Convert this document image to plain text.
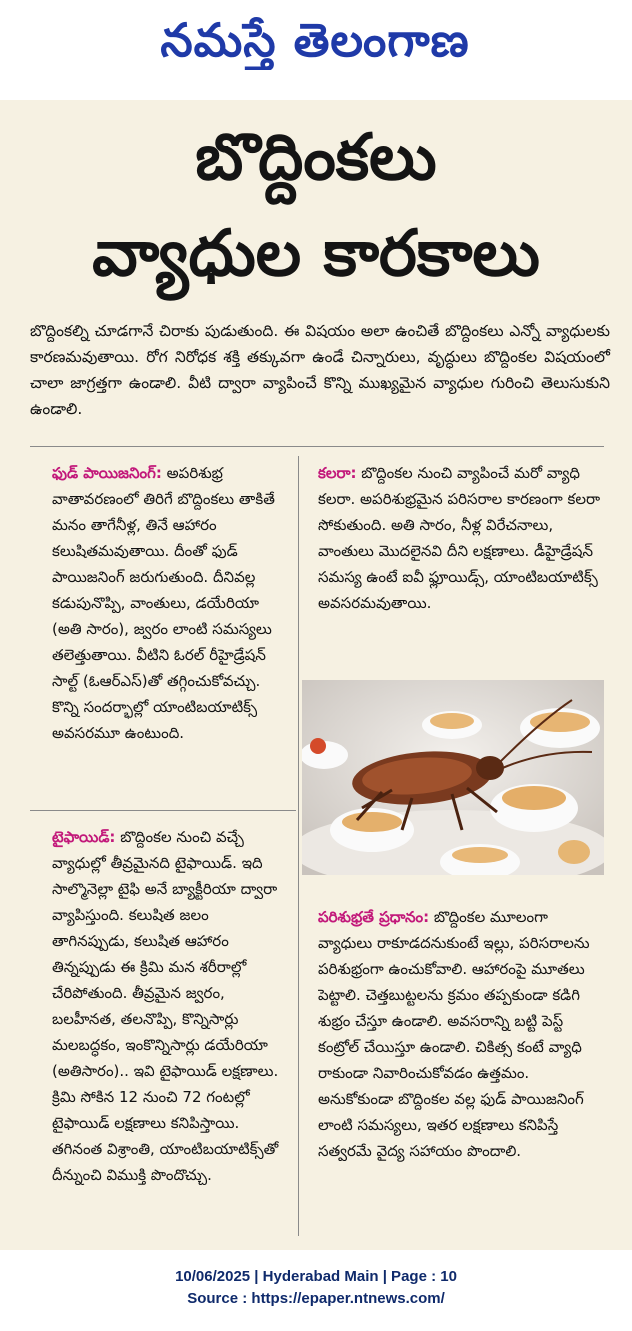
నమస్తే తెలంగాణ
బొద్దింకలు
వ్యాధుల కారకాలు
బొద్దింకల్ని చూడగానే చిరాకు పుడుతుంది. ఈ విషయం అలా ఉంచితే బొద్దింకలు ఎన్నో వ్యాధులకు కారణమవుతాయి. రోగ నిరోధక శక్తి తక్కువగా ఉండే చిన్నారులు, వృద్ధులు బొద్దింకల విషయంలో చాలా జాగ్రత్తగా ఉండాలి. వీటి ద్వారా వ్యాపించే కొన్ని ముఖ్యమైన వ్యాధుల గురించి తెలుసుకుని ఉండాలి.
ఫుడ్ పాయిజనింగ్: అపరిశుభ్ర వాతావరణంలో తిరిగే బొద్దింకలు తాకితే మనం తాగేనీళ్ల, తినే ఆహారం కలుషితమవుతాయి. దీంతో ఫుడ్ పాయిజనింగ్ జరుగుతుంది. దీనివల్ల కడుపునొప్పి, వాంతులు, డయేరియా (అతి సారం), జ్వరం లాంటి సమస్యలు తలెత్తుతాయి. వీటిని ఓరల్ రీహైడ్రేషన్ సాల్ట్ (ఓఆర్ఎస్)తో తగ్గించుకోవచ్చు. కొన్ని సందర్భాల్లో యాంటిబయాటిక్స్ అవసరమూ ఉంటుంది.
టైఫాయిడ్: బొద్దింకల నుంచి వచ్చే వ్యాధుల్లో తీవ్రమైనది టైఫాయిడ్. ఇది సాల్మొనెల్లా టైఫి అనే బ్యాక్టీరియా ద్వారా వ్యాపిస్తుంది. కలుషిత జలం తాగినప్పుడు, కలుషిత ఆహారం తిన్నప్పుడు ఈ క్రిమి మన శరీరాల్లో చేరిపోతుంది. తీవ్రమైన జ్వరం, బలహీనత, తలనొప్పి, కొన్నిసార్లు మలబద్ధకం, ఇంకొన్నిసార్లు డయేరియా (అతిసారం).. ఇవి టైఫాయిడ్ లక్షణాలు. క్రిమి సోకిన 12 నుంచి 72 గంటల్లో టైఫాయిడ్ లక్షణాలు కనిపిస్తాయి. తగినంత విశ్రాంతి, యాంటిబయాటిక్స్‌తో దీన్నుంచి విముక్తి పొందొచ్చు.
కలరా: బొద్దింకల నుంచి వ్యాపించే మరో వ్యాధి కలరా. అపరిశుభ్రమైన పరిసరాల కారణంగా కలరా సోకుతుంది. అతి సారం, నీళ్ల విరేచనాలు, వాంతులు మొదలైనవి దీని లక్షణాలు. డీహైడ్రేషన్ సమస్య ఉంటే ఐవీ ఫ్లూయిడ్స్, యాంటిబయాటిక్స్ అవసరమవుతాయి.
పరిశుభ్రతే ప్రధానం: బొద్దింకల మూలంగా వ్యాధులు రాకూడదనుకుంటే ఇల్లు, పరిసరాలను పరిశుభ్రంగా ఉంచుకోవాలి. ఆహారంపై మూతలు పెట్టాలి. చెత్తబుట్టలను క్రమం తప్పకుండా కడిగి శుభ్రం చేస్తూ ఉండాలి. అవసరాన్ని బట్టి పెస్ట్ కంట్రోల్ చేయిస్తూ ఉండాలి. చికిత్స కంటే వ్యాధి రాకుండా నివారించుకోవడం ఉత్తమం. అనుకోకుండా బొద్దింకల వల్ల ఫుడ్ పాయిజనింగ్ లాంటి సమస్యలు, ఇతర లక్షణాలు కనిపిస్తే సత్వరమే వైద్య సహాయం పొందాలి.
10/06/2025 | Hyderabad Main | Page : 10
Source : https://epaper.ntnews.com/
